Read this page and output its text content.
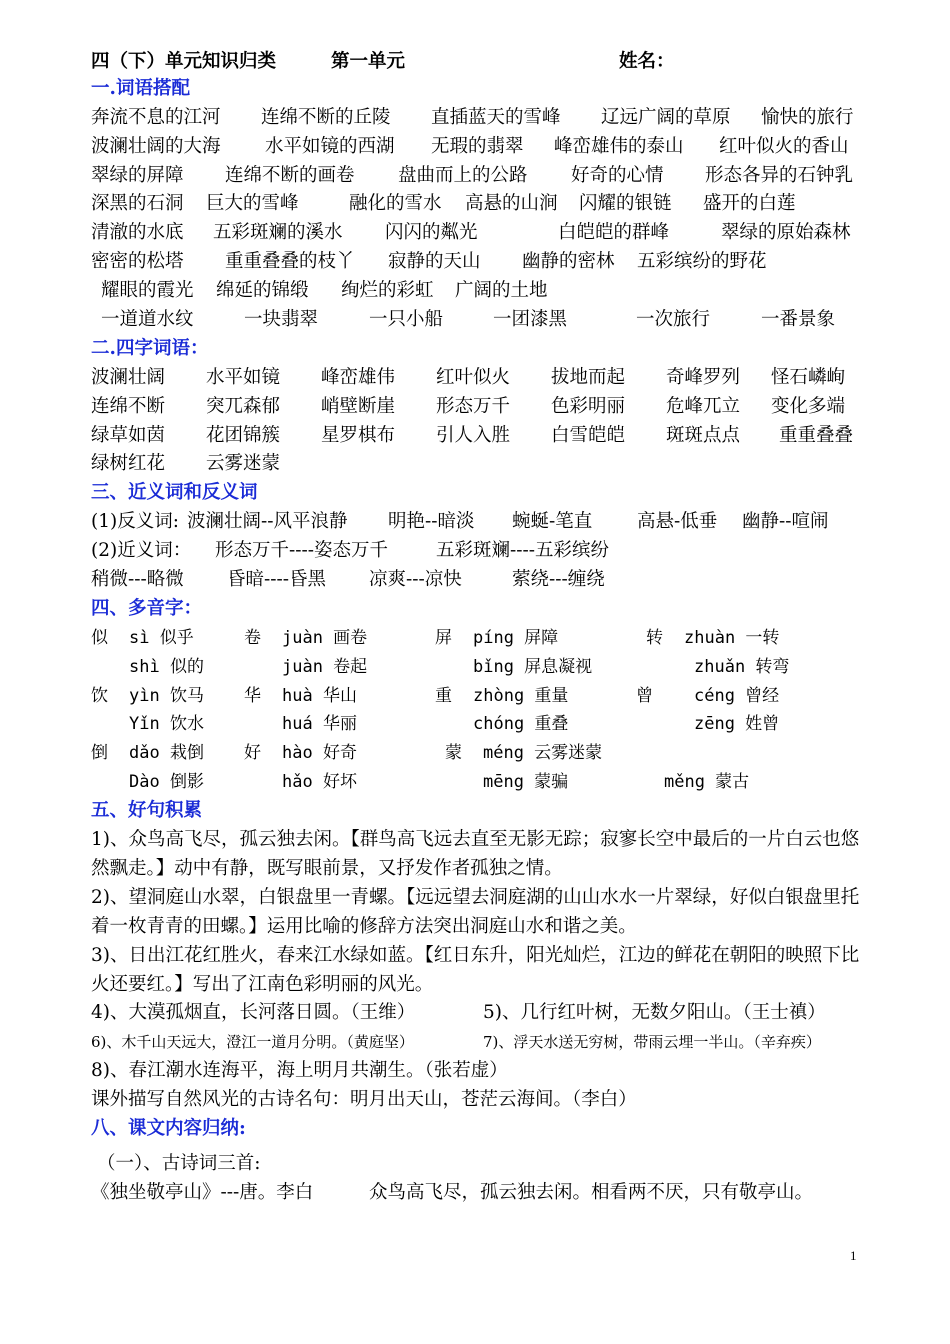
四（下）单元知识归类	第一单元	姓名：
一.词语搭配
奔流不息的江河 连绵不断的丘陵 直插蓝天的雪峰 辽远广阔的草原 愉快的旅行
波澜壮阔的大海 水平如镜的西湖 无瑕的翡翠 峰峦雄伟的泰山 红叶似火的香山
翠绿的屏障 连绵不断的画卷 盘曲而上的公路 好奇的心情 形态各异的石钟乳
深黑的石洞 巨大的雪峰	融化的雪水 高悬的山涧 闪耀的银链 盛开的白莲
清澈的水底 五彩斑斓的溪水 闪闪的粼光	白皑皑的群峰	翠绿的原始森林
密密的松塔 重重叠叠的枝丫 寂静的天山 幽静的密林 五彩缤纷的野花
耀眼的霞光 绵延的锦缎 绚烂的彩虹 广阔的土地
一道道水纹	一块翡翠	一只小船	一团漆黑	一次旅行	一番景象
二.四字词语：
波澜壮阔 水平如镜 峰峦雄伟 红叶似火 拔地而起 奇峰罗列 怪石嶙峋
连绵不断 突兀森郁 峭壁断崖 形态万千 色彩明丽 危峰兀立 变化多端
绿草如茵 花团锦簇 星罗棋布 引人入胜 白雪皑皑 斑斑点点 重重叠叠
绿树红花 云雾迷蒙
三、近义词和反义词
(1)反义词: 波澜壮阔--风平浪静 明艳--暗淡 蜿蜒-笔直 高悬-低垂 幽静--喧闹
(2)近义词： 形态万千----姿态万千	五彩斑斓----五彩缤纷
稍微---略微 昏暗----昏黑 凉爽---凉快	萦绕---缠绕
四、多音字：
似 sì 似乎	卷 juàn 画卷	屏 píng 屏障	转 zhuàn 一转
shì 似的	juàn 卷起	bǐng 屏息凝视	zhuǎn 转弯
饮 yìn 饮马 华 huà 华山	重 zhòng 重量	曾 céng 曾经
Yǐn 饮水	huá 华丽	chóng 重叠	zēng 姓曾
倒 dǎo 栽倒 好 hào 好奇	蒙 méng 云雾迷蒙
Dào 倒影	hǎo 好坏	mēng 蒙骗	měng 蒙古
五、好句积累
1)、众鸟高飞尽，孤云独去闲。【群鸟高飞远去直至无影无踪；寂寥长空中最后的一片白云也悠
然飘走。】动中有静，既写眼前景，又抒发作者孤独之情。
2)、望洞庭山水翠，白银盘里一青螺。【远远望去洞庭湖的山山水水一片翠绿，好似白银盘里托
着一枚青青的田螺。】运用比喻的修辞方法突出洞庭山水和谐之美。
3)、日出江花红胜火，春来江水绿如蓝。【红日东升，阳光灿烂，江边的鲜花在朝阳的映照下比
火还要红。】写出了江南色彩明丽的风光。
4)、大漠孤烟直，长河落日圆。（王维）	5)、几行红叶树，无数夕阳山。（王士禛）
6)、木千山天远大，澄江一道月分明。（黄庭坚）	7)、浮天水送无穷树，带雨云埋一半山。（辛弃疾）
8)、春江潮水连海平，海上明月共潮生。（张若虚）
课外描写自然风光的古诗名句：明月出天山，苍茫云海间。（李白）
八、课文内容归纳:
（一）、古诗词三首:
《独坐敬亭山》---唐。李白	众鸟高飞尽，孤云独去闲。相看两不厌，只有敬亭山。
1
